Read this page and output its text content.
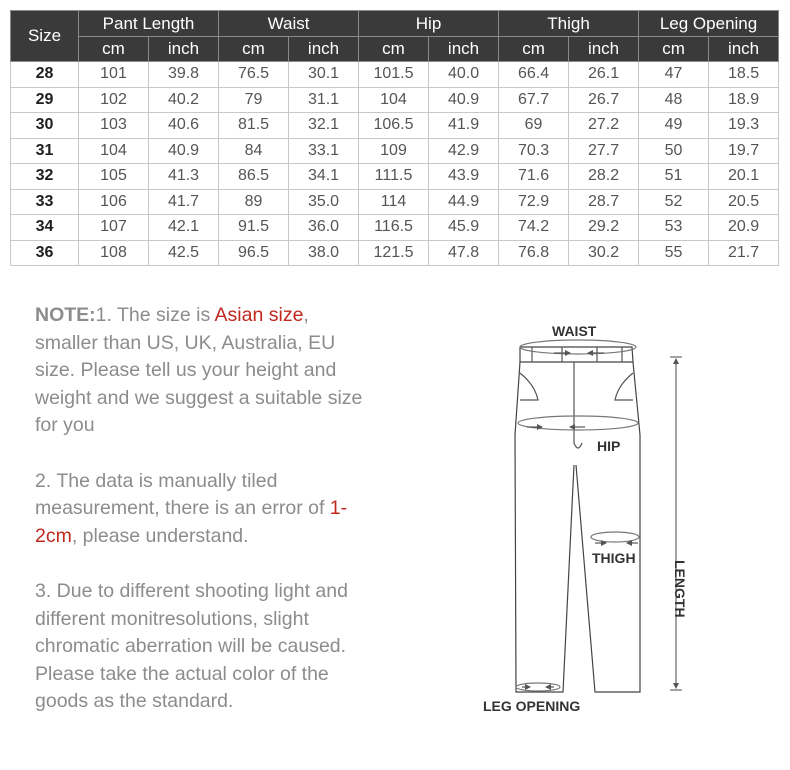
Size	Pant Length		Waist		Hip		Thigh		Leg Opening	
	cm	inch	cm	inch	cm	inch	cm	inch	cm	inch
28	101	39.8	76.5	30.1	101.5	40.0	66.4	26.1	47	18.5
29	102	40.2	79	31.1	104	40.9	67.7	26.7	48	18.9
30	103	40.6	81.5	32.1	106.5	41.9	69	27.2	49	19.3
31	104	40.9	84	33.1	109	42.9	70.3	27.7	50	19.7
32	105	41.3	86.5	34.1	111.5	43.9	71.6	28.2	51	20.1
33	106	41.7	89	35.0	114	44.9	72.9	28.7	52	20.5
34	107	42.1	91.5	36.0	116.5	45.9	74.2	29.2	53	20.9
36	108	42.5	96.5	38.0	121.5	47.8	76.8	30.2	55	21.7

NOTE:1. The size is Asian size, smaller than US, UK, Australia, EU size. Please tell us your height and weight and we suggest a suitable size for you

2. The data is manually tiled measurement, there is an error of 1-2cm, please understand.

3. Due to different shooting light and different monitresolutions, slight chromatic aberration will be caused. Please take the actual color of the goods as the standard.

WAIST
HIP
THIGH
LENGTH
LEG OPENING
